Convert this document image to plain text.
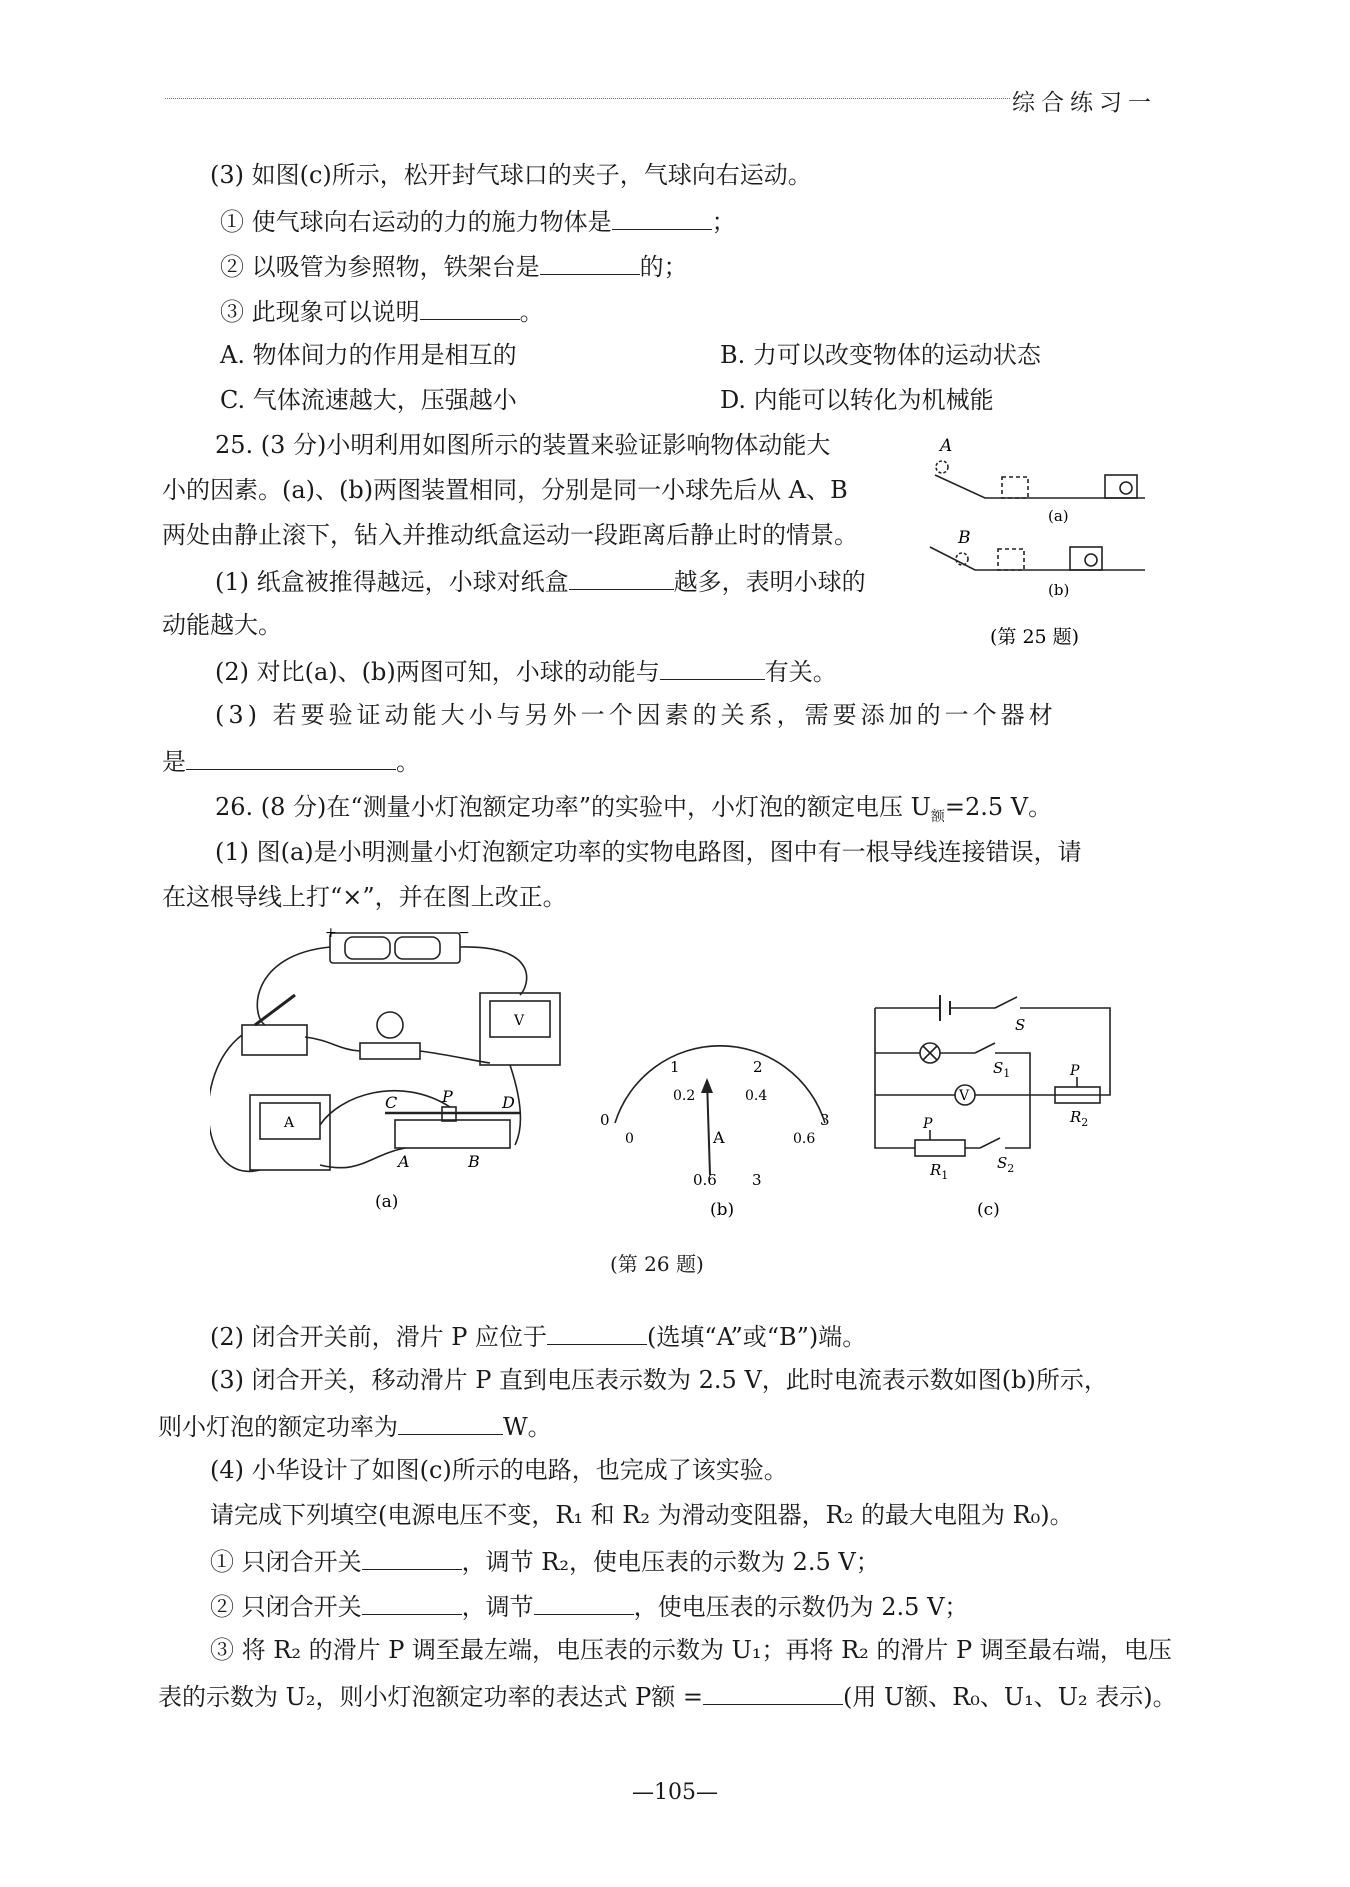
综合练习一
(3) 如图(c)所示，松开封气球口的夹子，气球向右运动。
① 使气球向右运动的力的施力物体是	；
② 以吸管为参照物，铁架台是	的；
③ 此现象可以说明	。
A. 物体间力的作用是相互的	B. 力可以改变物体的运动状态
C. 气体流速越大，压强越小	D. 内能可以转化为机械能
25. (3 分)小明利用如图所示的装置来验证影响物体动能大
小的因素。(a)、(b)两图装置相同，分别是同一小球先后从 A、B
两处由静止滚下，钻入并推动纸盒运动一段距离后静止时的情景。
(1) 纸盒被推得越远，小球对纸盒	越多，表明小球的
动能越大。
(2) 对比(a)、(b)两图可知，小球的动能与	有关。
(3) 若要验证动能大小与另外一个因素的关系，需要添加的一个器材
是	。
A
B
(a)
(b)
(第 25 题)
26. (8 分)在“测量小灯泡额定功率”的实验中，小灯泡的额定电压 $U_额=2.5$ V。
(1) 图(a)是小明测量小灯泡额定功率的实物电路图，图中有一根导线连接错误，请
在这根导线上打“×”，并在图上改正。
+	−
V
A
C	P	D
A	B
(a)
0
1	2
3
0
0.2	0.4
0.6
A
0.6 3
(b)
S
$S_1$
V
$S_2$
P
P	$R_2$
$R_1$
(c)
(第 26 题)
(2) 闭合开关前，滑片 P 应位于	(选填“A”或“B”)端。
(3) 闭合开关，移动滑片 P 直到电压表示数为 2.5 V，此时电流表示数如图(b)所示，
则小灯泡的额定功率为	W。
(4) 小华设计了如图(c)所示的电路，也完成了该实验。
请完成下列填空(电源电压不变，R₁ 和 R₂ 为滑动变阻器，R₂ 的最大电阻为 R₀)。
① 只闭合开关	，调节 R₂，使电压表的示数为 2.5 V；
② 只闭合开关	，调节	，使电压表的示数仍为 2.5 V；
③ 将 R₂ 的滑片 P 调至最左端，电压表的示数为 U₁；再将 R₂ 的滑片 P 调至最右端，电压
表的示数为 U₂，则小灯泡额定功率的表达式 P额 =	(用 U额、R₀、U₁、U₂ 表示)。
—105—
